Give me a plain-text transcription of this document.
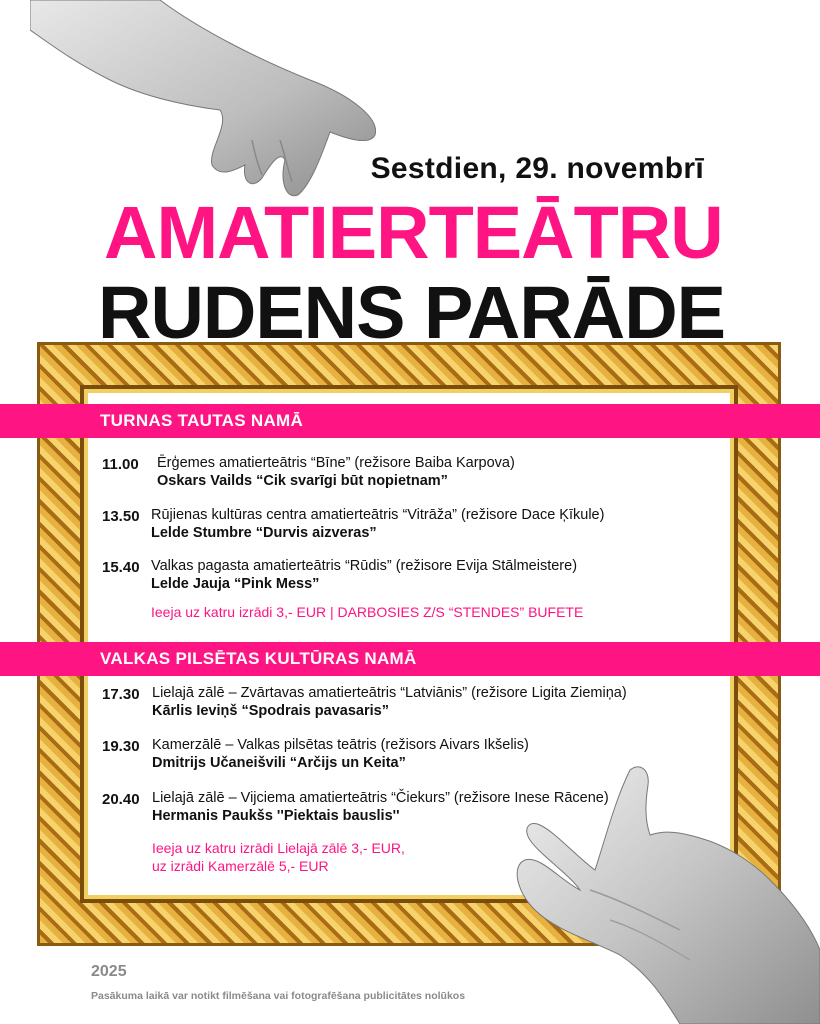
Sestdien, 29. novembrī
AMATIERTEĀTRU
RUDENS PARĀDE
TURNAS TAUTAS NAMĀ
11.00	Ērģemes amatierteātris “Bīne” (režisore Baiba Karpova)
Oskars Vailds “Cik svarīgi būt nopietnam”
13.50 Rūjienas kultūras centra amatierteātris “Vitrāža” (režisore Dace Ķīkule)
Lelde Stumbre “Durvis aizveras”
15.40 Valkas pagasta amatierteātris “Rūdis” (režisore Evija Stālmeistere)
Lelde Jauja “Pink Mess”
Ieeja uz katru izrādi 3,- EUR | DARBOSIES Z/S “STENDES” BUFETE
VALKAS PILSĒTAS KULTŪRAS NAMĀ
17.30 Lielajā zālē – Zvārtavas amatierteātris “Latviānis” (režisore Ligita Ziemiņa)
Kārlis Ieviņš “Spodrais pavasaris”
19.30 Kamerzālē – Valkas pilsētas teātris (režisors Aivars Ikšelis)
Dmitrijs Učaneišvili “Arčijs un Keita”
20.40 Lielajā zālē – Vijciema amatierteātris “Čiekurs” (režisore Inese Rācene)
Hermanis Paukšs ''Piektais bauslis''
Ieeja uz katru izrādi Lielajā zālē 3,- EUR,
uz izrādi Kamerzālē 5,- EUR
2025
Pasākuma laikā var notikt filmēšana vai fotografēšana publicitātes nolūkos
